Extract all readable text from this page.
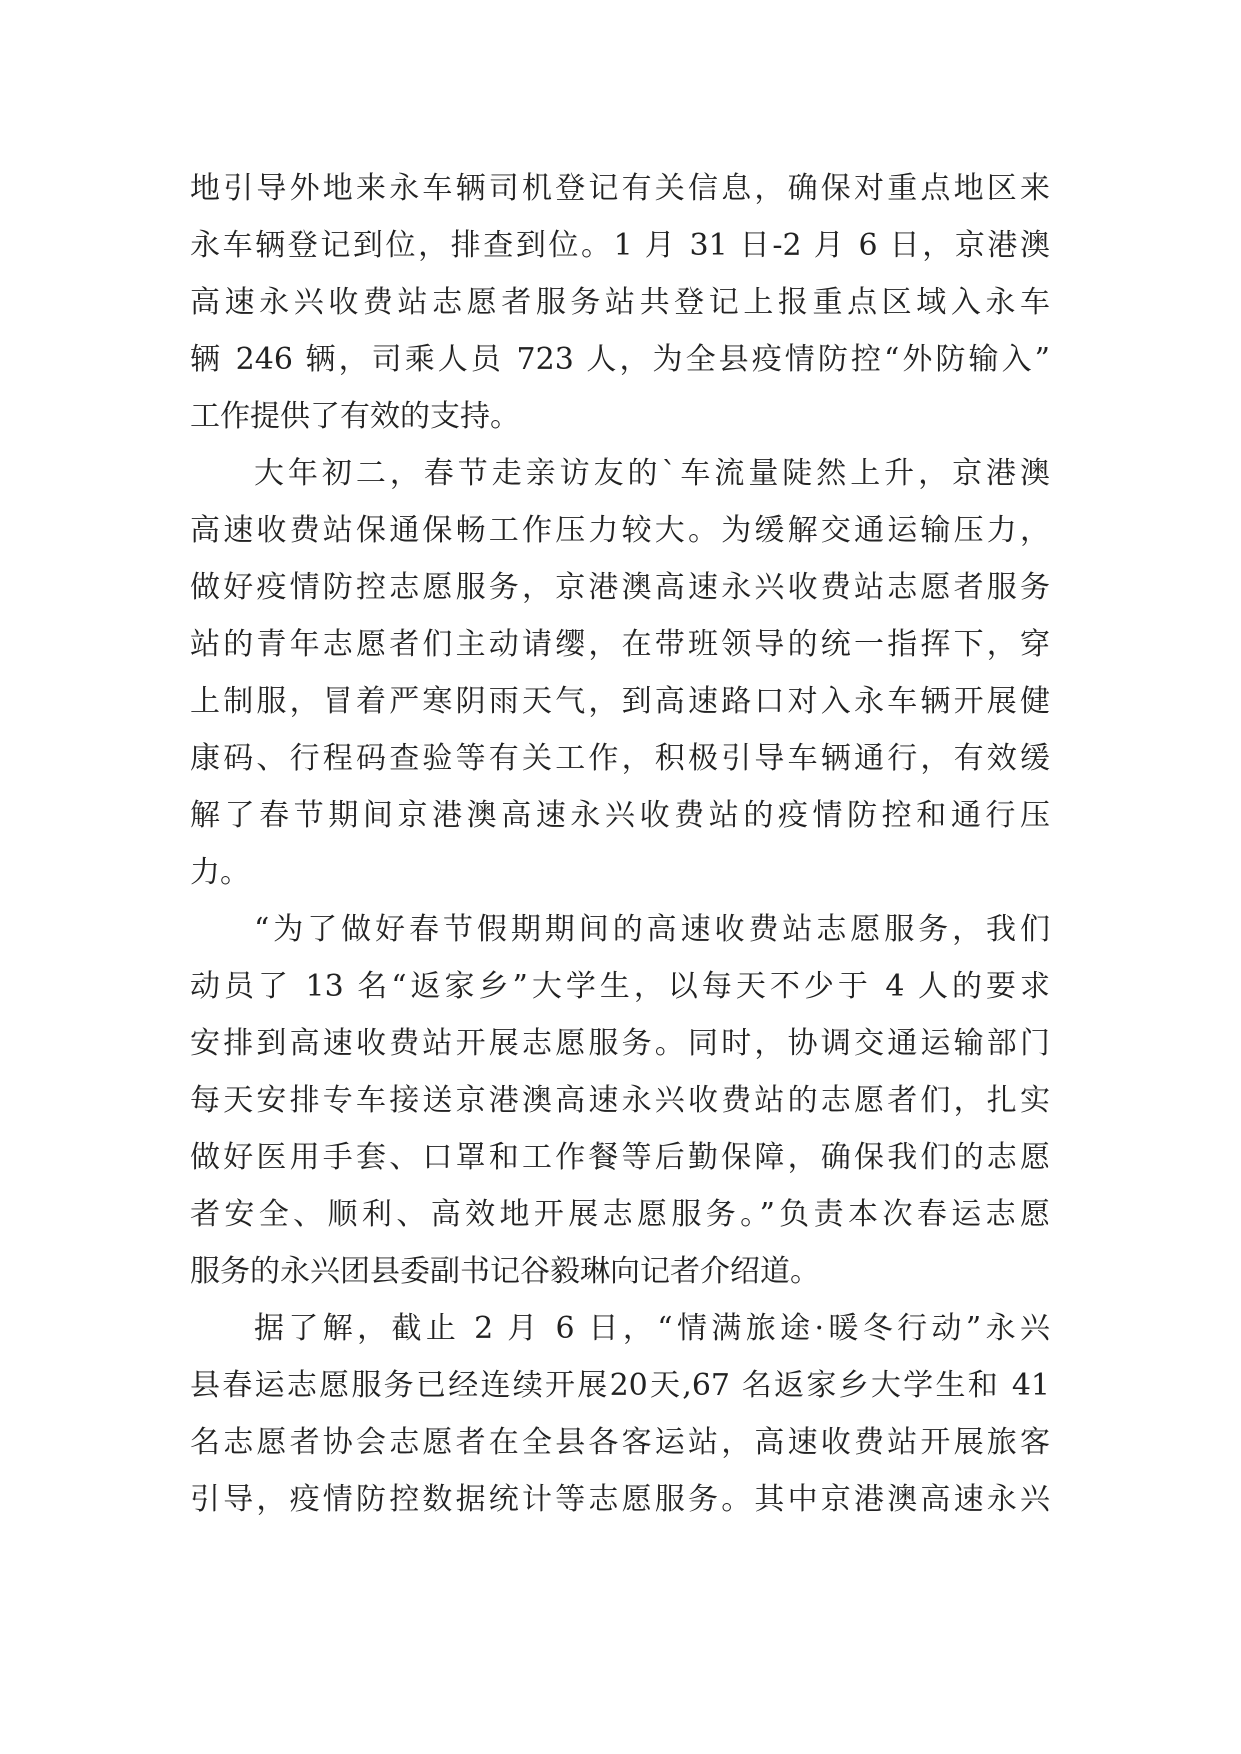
地引导外地来永车辆司机登记有关信息，确保对重点地区来
永车辆登记到位，排查到位。1 月 31 日-2 月 6 日，京港澳
高速永兴收费站志愿者服务站共登记上报重点区域入永车
辆 246 辆，司乘人员 723 人，为全县疫情防控“外防输入”
工作提供了有效的支持。
大年初二，春节走亲访友的`车流量陡然上升，京港澳
高速收费站保通保畅工作压力较大。为缓解交通运输压力，
做好疫情防控志愿服务，京港澳高速永兴收费站志愿者服务
站的青年志愿者们主动请缨，在带班领导的统一指挥下，穿
上制服，冒着严寒阴雨天气，到高速路口对入永车辆开展健
康码、行程码查验等有关工作，积极引导车辆通行，有效缓
解了春节期间京港澳高速永兴收费站的疫情防控和通行压
力。
“为了做好春节假期期间的高速收费站志愿服务，我们
动员了 13 名“返家乡”大学生，以每天不少于 4 人的要求
安排到高速收费站开展志愿服务。同时，协调交通运输部门
每天安排专车接送京港澳高速永兴收费站的志愿者们，扎实
做好医用手套、口罩和工作餐等后勤保障，确保我们的志愿
者安全、顺利、高效地开展志愿服务。”负责本次春运志愿
服务的永兴团县委副书记谷毅琳向记者介绍道。
据了解，截止 2 月 6 日，“情满旅途·暖冬行动”永兴
县春运志愿服务已经连续开展20天,67 名返家乡大学生和 41
名志愿者协会志愿者在全县各客运站，高速收费站开展旅客
引导，疫情防控数据统计等志愿服务。其中京港澳高速永兴
